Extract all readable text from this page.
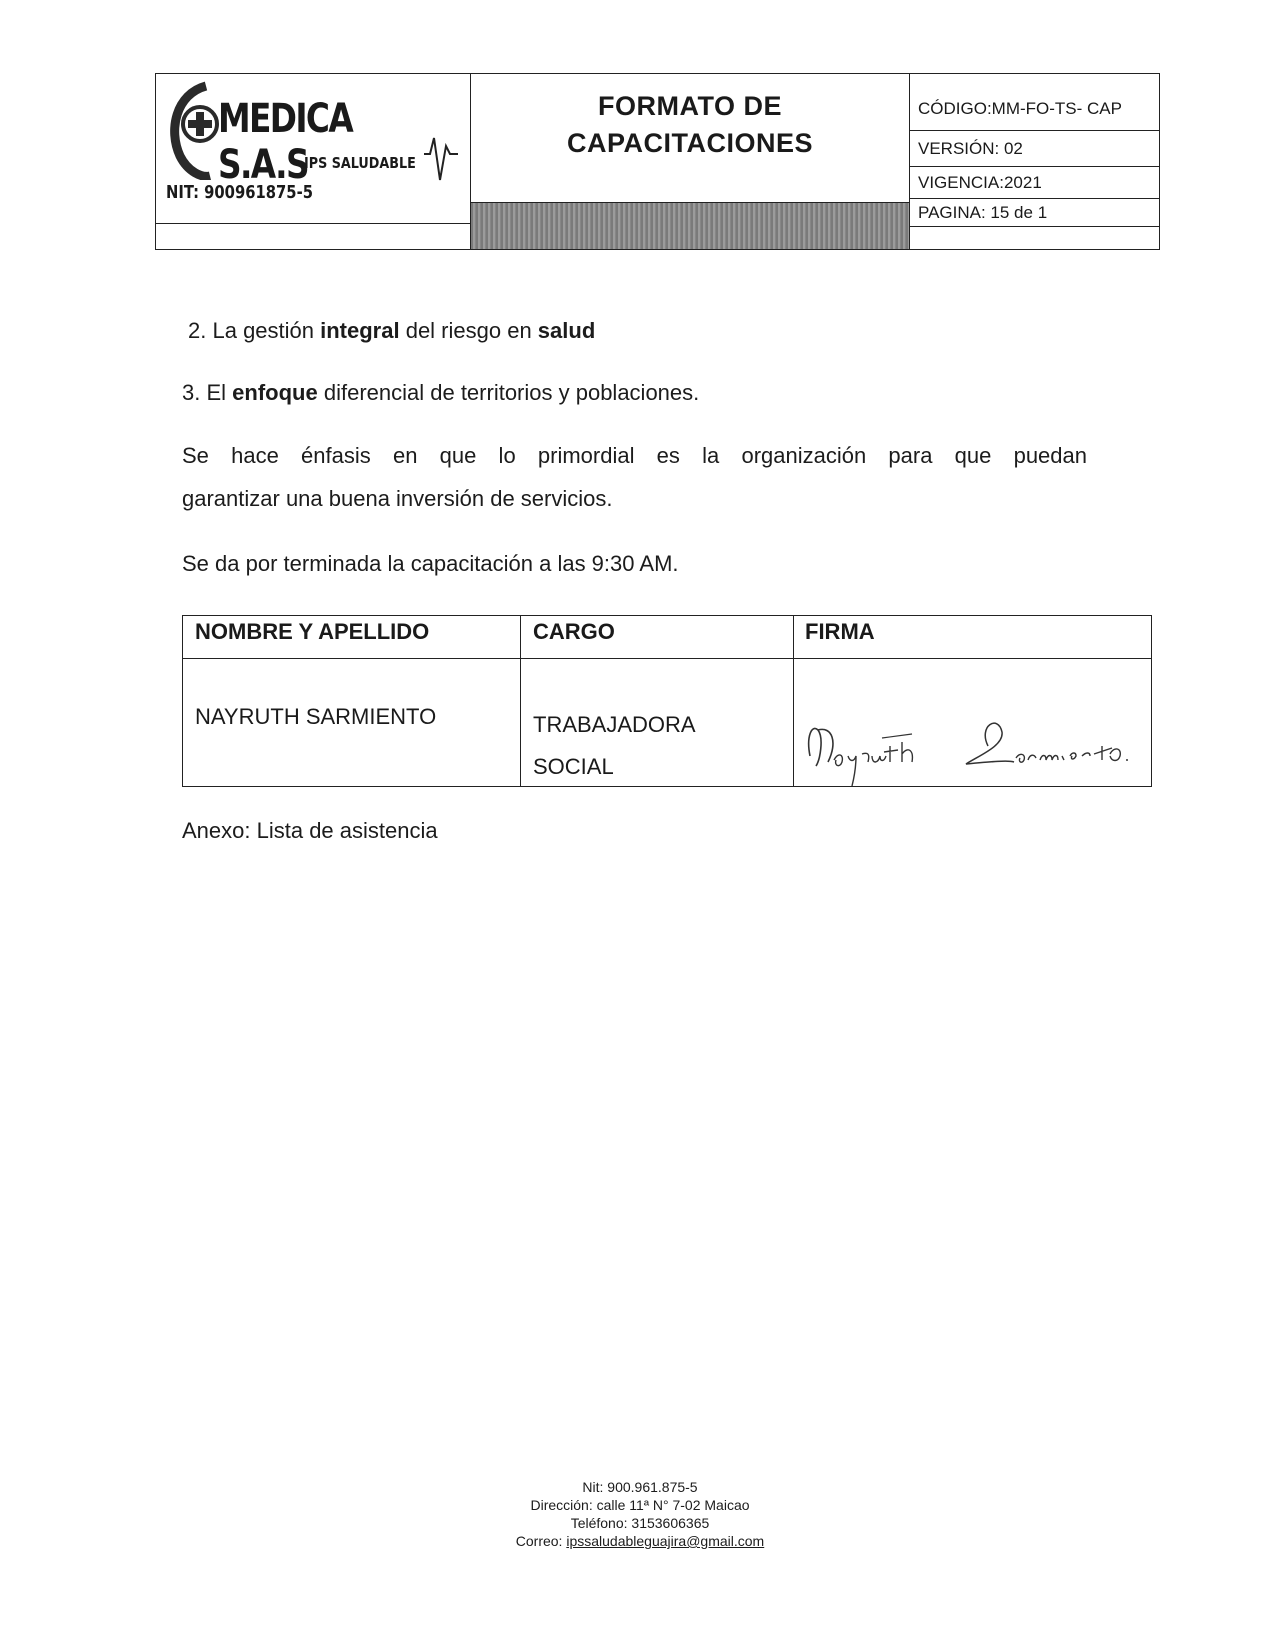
MEDICA S.A.S
IPS SALUDABLE
NIT: 900961875-5
FORMATO DE
CAPACITACIONES
CÓDIGO:MM-FO-TS- CAP
VERSIÓN: 02
VIGENCIA:2021
PAGINA: 15 de 1
2. La gestión integral del riesgo en salud
3. El enfoque diferencial de territorios y poblaciones.
Se hace énfasis en que lo primordial es la organización para que puedan
garantizar una buena inversión de servicios.
Se da por terminada la capacitación a las 9:30 AM.
NOMBRE Y APELLIDO	CARGO	FIRMA
NAYRUTH SARMIENTO	TRABAJADORA
SOCIAL
Anexo: Lista de asistencia
Nit: 900.961.875-5
Dirección: calle 11ª N° 7-02 Maicao
Teléfono: 3153606365
Correo: ipssaludableguajira@gmail.com
